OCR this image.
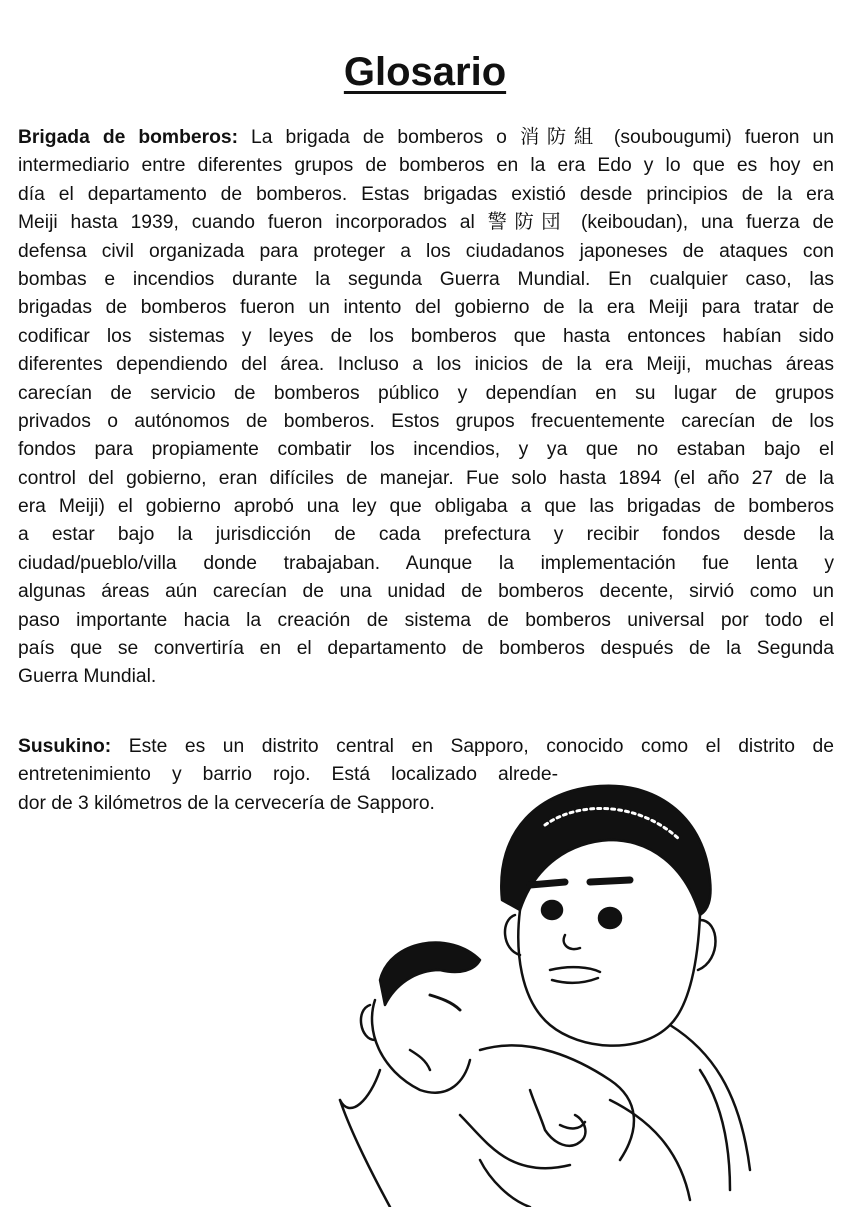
Glosario
Brigada de bomberos: La brigada de bomberos o 消防組 (soubougumi) fueron un
intermediario entre diferentes grupos de bomberos en la era Edo y lo que es hoy en
día el departamento de bomberos. Estas brigadas existió desde principios de la era
Meiji hasta 1939, cuando fueron incorporados al 警防団 (keiboudan), una fuerza de
defensa civil organizada para proteger a los ciudadanos japoneses de ataques con
bombas e incendios durante la segunda Guerra Mundial. En cualquier caso, las
brigadas de bomberos fueron un intento del gobierno de la era Meiji para tratar de
codificar los sistemas y leyes de los bomberos que hasta entonces habían sido
diferentes dependiendo del área. Incluso a los inicios de la era Meiji, muchas áreas
carecían de servicio de bomberos público y dependían en su lugar de grupos
privados o autónomos de bomberos. Estos grupos frecuentemente carecían de los
fondos para propiamente combatir los incendios, y ya que no estaban bajo el
control del gobierno, eran difíciles de manejar. Fue solo hasta 1894 (el año 27 de la
era Meiji) el gobierno aprobó una ley que obligaba a que las brigadas de bomberos
a estar bajo la jurisdicción de cada prefectura y recibir fondos desde la
ciudad/pueblo/villa donde trabajaban. Aunque la implementación fue lenta y
algunas áreas aún carecían de una unidad de bomberos decente, sirvió como un
paso importante hacia la creación de sistema de bomberos universal por todo el
país que se convertiría en el departamento de bomberos después de la Segunda
Guerra Mundial.
Susukino: Este es un distrito central en Sapporo, conocido como el distrito de
entretenimiento y barrio rojo. Está localizado alrede-
dor de 3 kilómetros de la cervecería de Sapporo.
